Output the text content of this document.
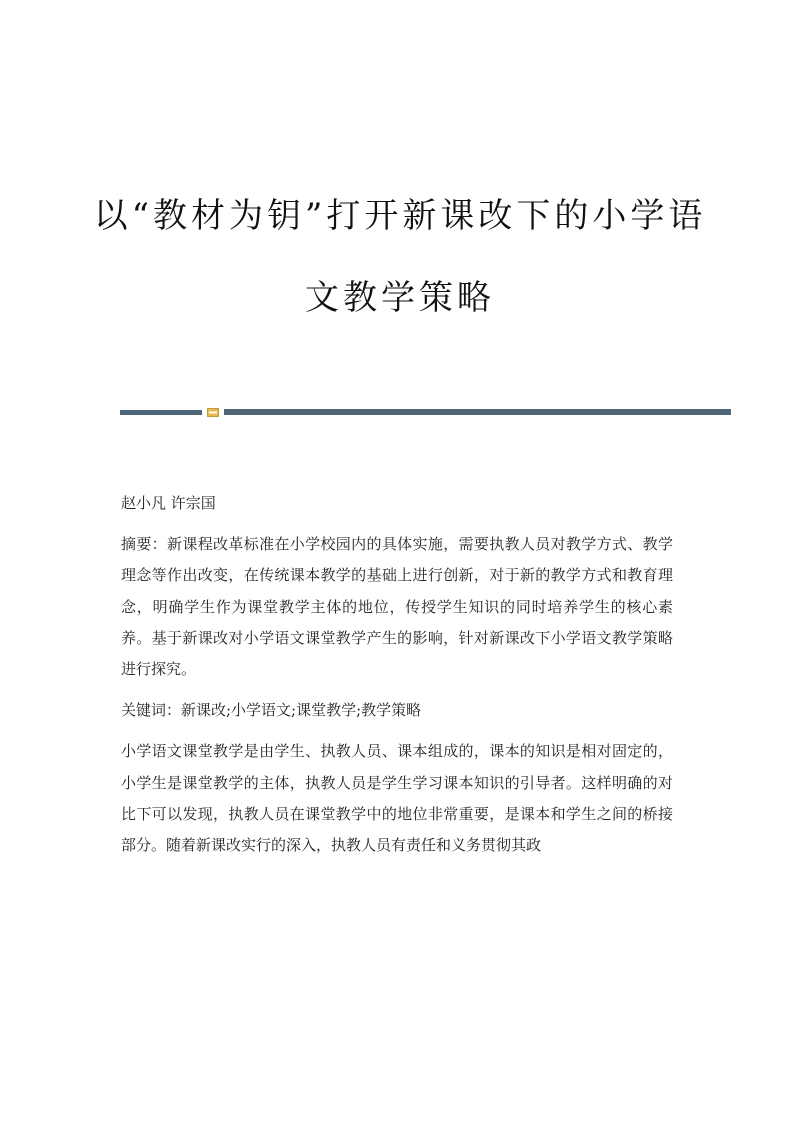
以“教材为钥”打开新课改下的小学语
文教学策略

赵小凡 许宗国

摘要：新课程改革标准在小学校园内的具体实施，需要执教人员对教学方式、教学理念等作出改变，在传统课本教学的基础上进行创新，对于新的教学方式和教育理念，明确学生作为课堂教学主体的地位，传授学生知识的同时培养学生的核心素养。基于新课改对小学语文课堂教学产生的影响，针对新课改下小学语文教学策略进行探究。

关键词：新课改;小学语文;课堂教学;教学策略

小学语文课堂教学是由学生、执教人员、课本组成的，课本的知识是相对固定的，小学生是课堂教学的主体，执教人员是学生学习课本知识的引导者。这样明确的对比下可以发现，执教人员在课堂教学中的地位非常重要，是课本和学生之间的桥接部分。随着新课改实行的深入，执教人员有责任和义务贯彻其政
